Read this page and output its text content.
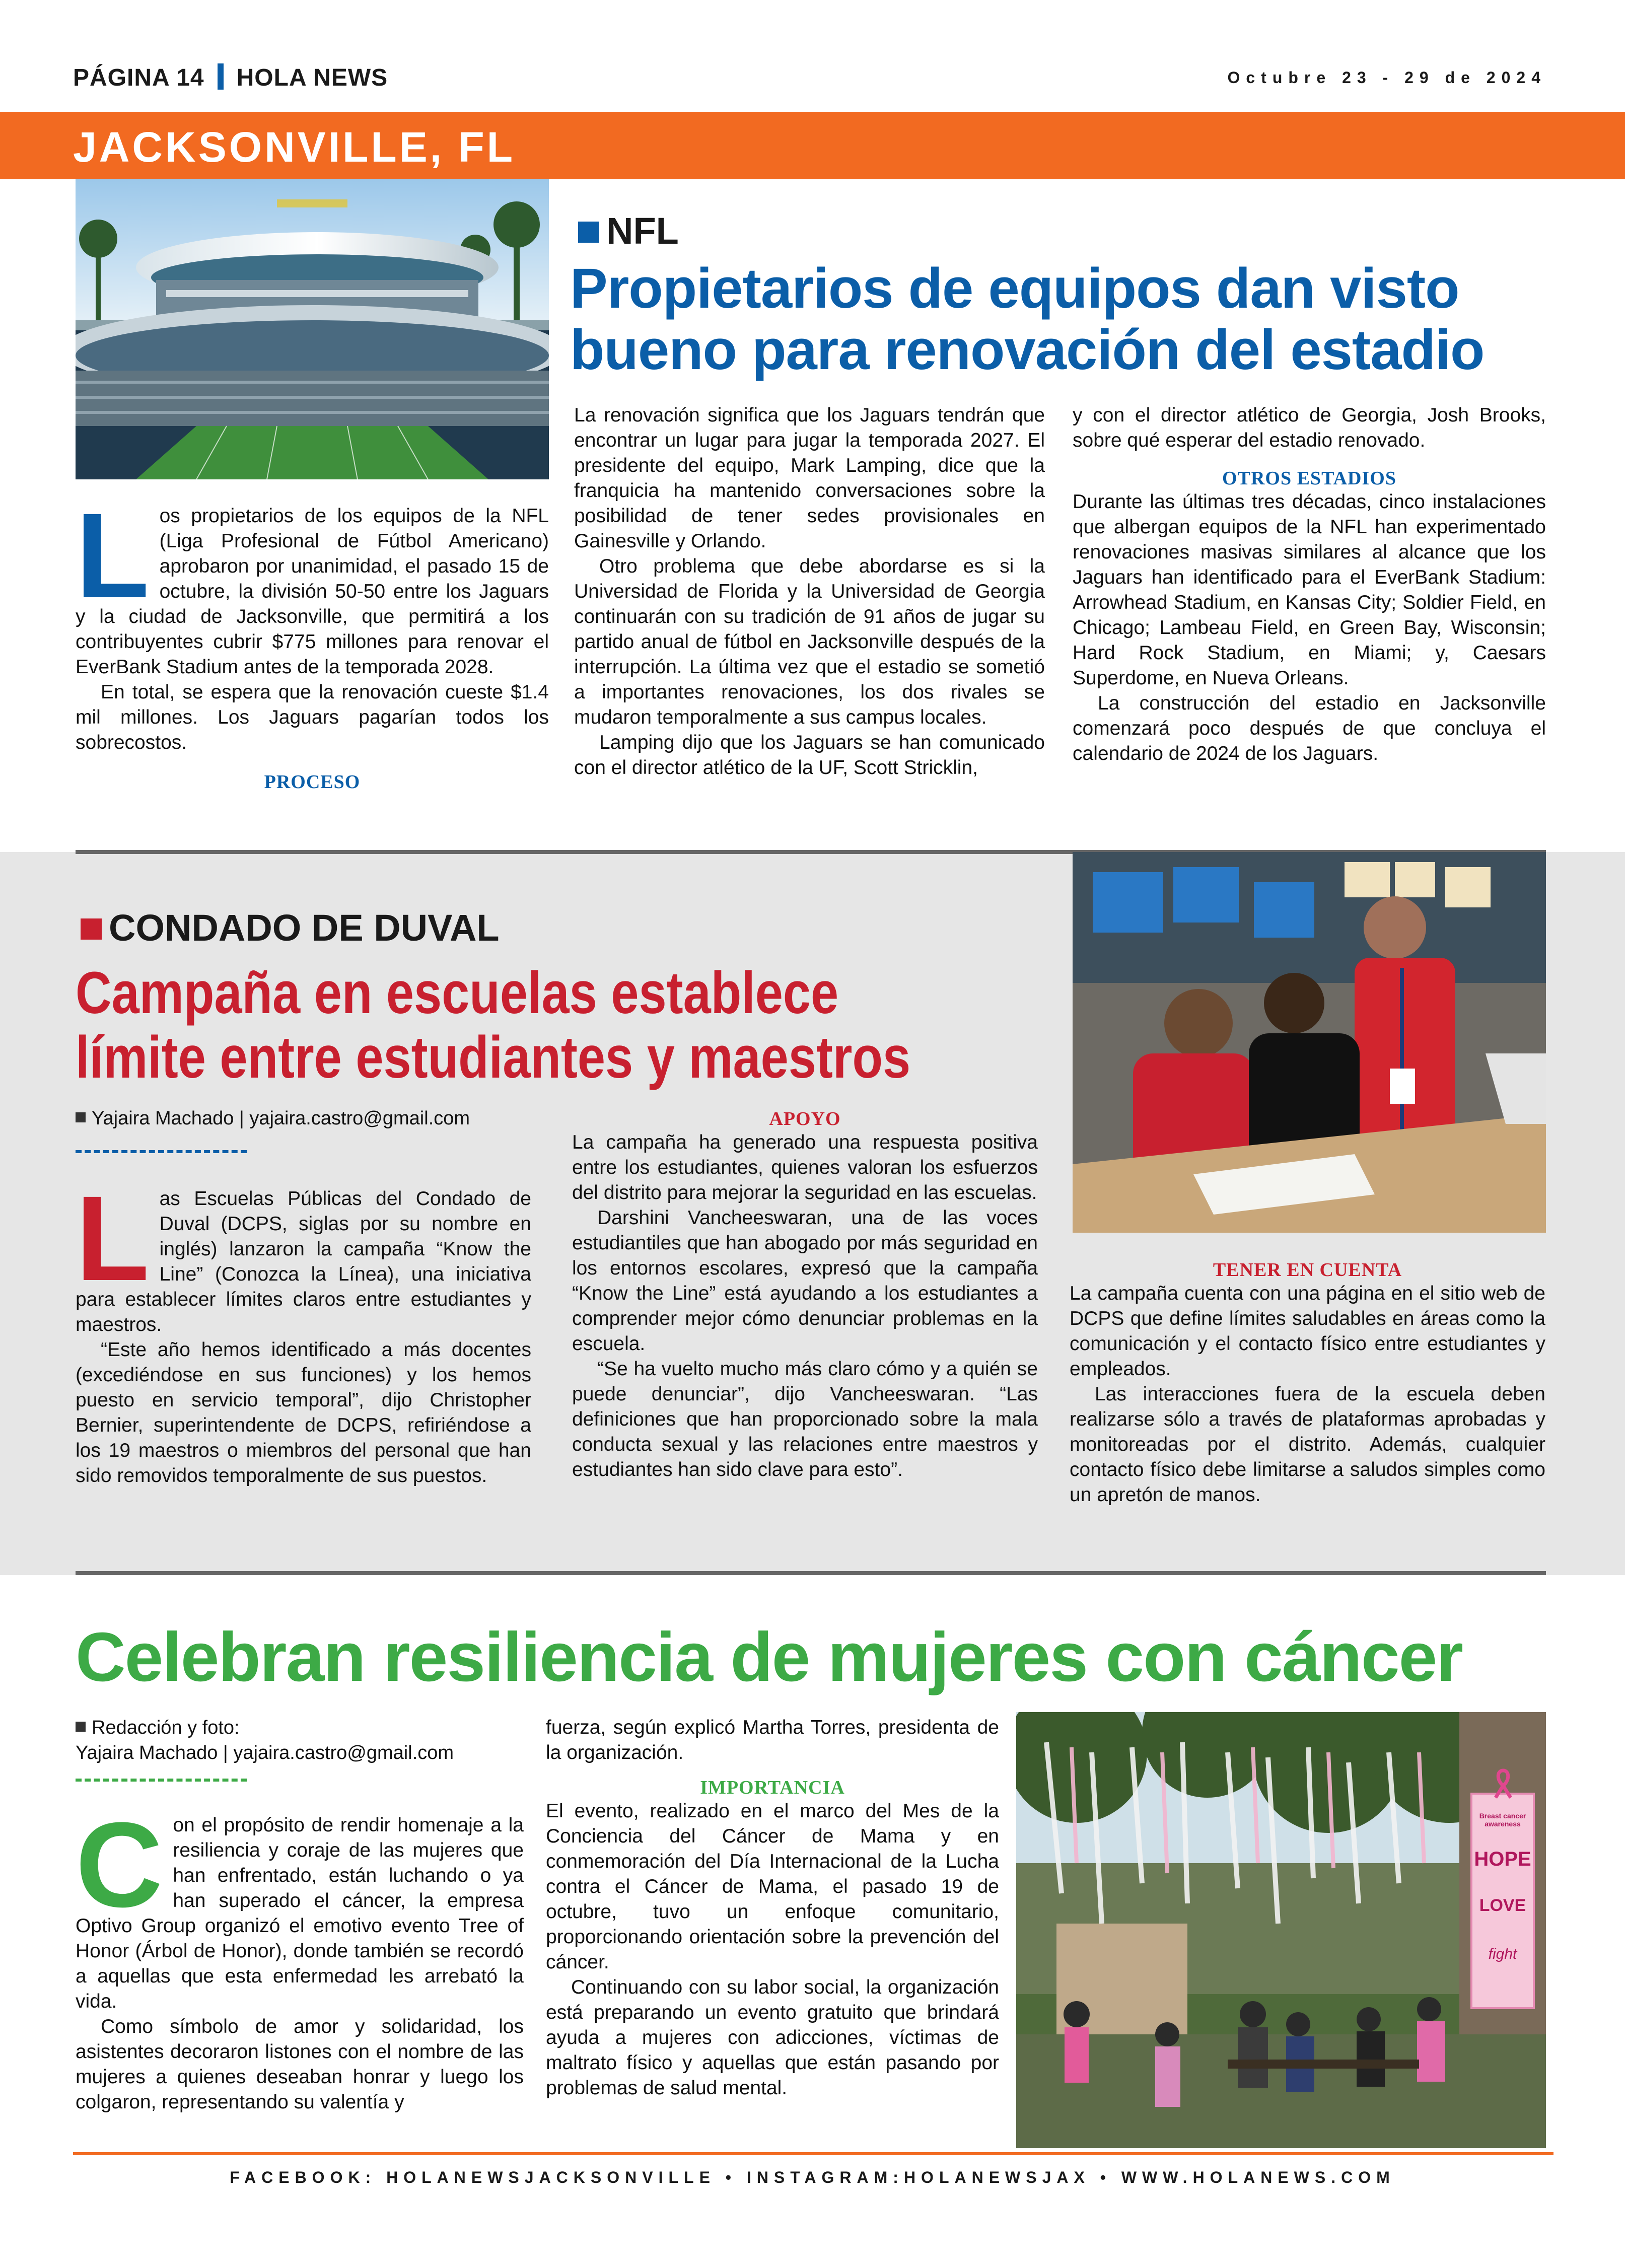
PÁGINA 14 HOLA NEWS	Octubre 23 - 29 de 2024
JACKSONVILLE, FL
NFL
Propietarios de equipos dan visto
bueno para renovación del estadio
L os propietarios de los equipos de la NFL (Liga Profesional de Fútbol Americano) aprobaron por unanimidad, el pasado 15 de octubre, la división 50-50 entre los Jaguars y la ciudad de Jacksonville, que permitirá a los contribuyentes cubrir $775 millones para renovar el EverBank Stadium antes de la temporada 2028.

En total, se espera que la renovación cueste $1.4 mil millones. Los Jaguars pagarían todos los sobrecostos.

PROCESO

La renovación significa que los Jaguars tendrán que encontrar un lugar para jugar la temporada 2027. El presidente del equipo, Mark Lamping, dice que la franquicia ha mantenido conversaciones sobre la posibilidad de tener sedes provisionales en Gainesville y Orlando.

Otro problema que debe abordarse es si la Universidad de Florida y la Universidad de Georgia continuarán con su tradición de 91 años de jugar su partido anual de fútbol en Jacksonville después de la interrupción. La última vez que el estadio se sometió a importantes renovaciones, los dos rivales se mudaron temporalmente a sus campus locales.

Lamping dijo que los Jaguars se han comunicado con el director atlético de la UF, Scott Stricklin,

y con el director atlético de Georgia, Josh Brooks, sobre qué esperar del estadio renovado.

OTROS ESTADIOS

Durante las últimas tres décadas, cinco instalaciones que albergan equipos de la NFL han experimentado renovaciones masivas similares al alcance que los Jaguars han identificado para el EverBank Stadium: Arrowhead Stadium, en Kansas City; Soldier Field, en Chicago; Lambeau Field, en Green Bay, Wisconsin; Hard Rock Stadium, en Miami; y, Caesars Superdome, en Nueva Orleans.

La construcción del estadio en Jacksonville comenzará poco después de que concluya el calendario de 2024 de los Jaguars.

CONDADO DE DUVAL
Campaña en escuelas establece
límite entre estudiantes y maestros
Yajaira Machado | yajaira.castro@gmail.com
L as Escuelas Públicas del Condado de Duval (DCPS, siglas por su nombre en inglés) lanzaron la campaña “Know the Line” (Conozca la Línea), una iniciativa para establecer límites claros entre estudiantes y maestros.

“Este año hemos identificado a más docentes (excediéndose en sus funciones) y los hemos puesto en servicio temporal”, dijo Christopher Bernier, superintendente de DCPS, refiriéndose a los 19 maestros o miembros del personal que han sido removidos temporalmente de sus puestos.

APOYO

La campaña ha generado una respuesta positiva entre los estudiantes, quienes valoran los esfuerzos del distrito para mejorar la seguridad en las escuelas.

Darshini Vancheeswaran, una de las voces estudiantiles que han abogado por más seguridad en los entornos escolares, expresó que la campaña “Know the Line” está ayudando a los estudiantes a comprender mejor cómo denunciar problemas en la escuela.

“Se ha vuelto mucho más claro cómo y a quién se puede denunciar”, dijo Vancheeswaran. “Las definiciones que han proporcionado sobre la mala conducta sexual y las relaciones entre maestros y estudiantes han sido clave para esto”.

TENER EN CUENTA

La campaña cuenta con una página en el sitio web de DCPS que define límites saludables en áreas como la comunicación y el contacto físico entre estudiantes y empleados.

Las interacciones fuera de la escuela deben realizarse sólo a través de plataformas aprobadas y monitoreadas por el distrito. Además, cualquier contacto físico debe limitarse a saludos simples como un apretón de manos.

Celebran resiliencia de mujeres con cáncer
Redacción y foto:
Yajaira Machado | yajaira.castro@gmail.com
C on el propósito de rendir homenaje a la resiliencia y coraje de las mujeres que han enfrentado, están luchando o ya han superado el cáncer, la empresa Optivo Group organizó el emotivo evento Tree of Honor (Árbol de Honor), donde también se recordó a aquellas que esta enfermedad les arrebató la vida.

Como símbolo de amor y solidaridad, los asistentes decoraron listones con el nombre de las mujeres a quienes deseaban honrar y luego los colgaron, representando su valentía y

fuerza, según explicó Martha Torres, presidenta de la organización.

IMPORTANCIA

El evento, realizado en el marco del Mes de la Conciencia del Cáncer de Mama y en conmemoración del Día Internacional de la Lucha contra el Cáncer de Mama, el pasado 19 de octubre, tuvo un enfoque comunitario, proporcionando orientación sobre la prevención del cáncer.

Continuando con su labor social, la organización está preparando un evento gratuito que brindará ayuda a mujeres con adicciones, víctimas de maltrato físico y aquellas que están pasando por problemas de salud mental.

Breast cancer
awareness
HOPE
LOVE
fight
FACEBOOK: HOLANEWSJACKSONVILLE • INSTAGRAM:HOLANEWSJAX • WWW.HOLANEWS.COM
